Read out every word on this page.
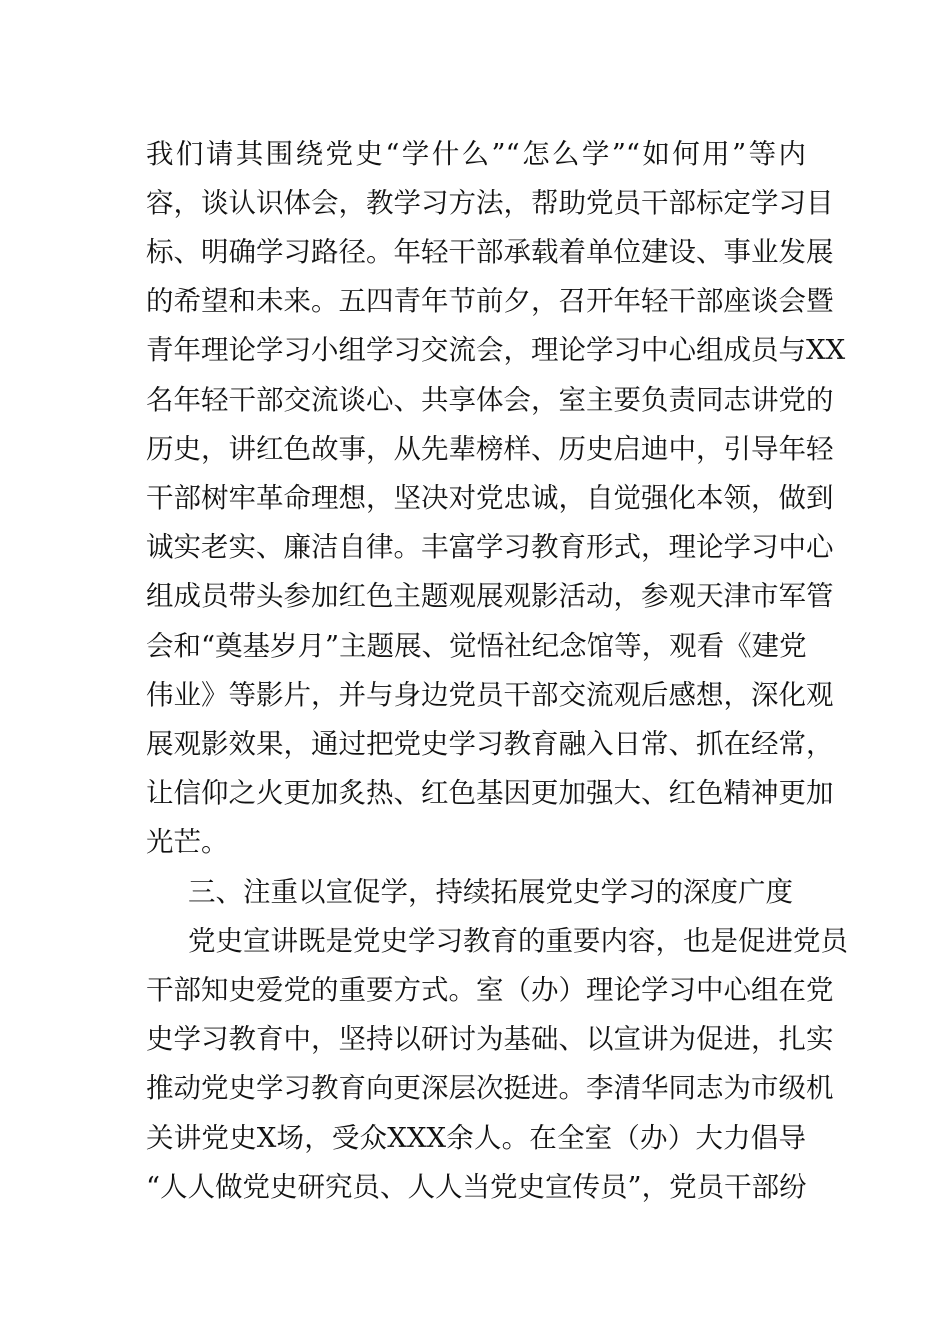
我们请其围绕党史“学什么”“怎么学”“如何用”等内
容，谈认识体会，教学习方法，帮助党员干部标定学习目
标、明确学习路径。年轻干部承载着单位建设、事业发展
的希望和未来。五四青年节前夕，召开年轻干部座谈会暨
青年理论学习小组学习交流会，理论学习中心组成员与XX
名年轻干部交流谈心、共享体会，室主要负责同志讲党的
历史，讲红色故事，从先辈榜样、历史启迪中，引导年轻
干部树牢革命理想，坚决对党忠诚，自觉强化本领，做到
诚实老实、廉洁自律。丰富学习教育形式，理论学习中心
组成员带头参加红色主题观展观影活动，参观天津市军管
会和“奠基岁月”主题展、觉悟社纪念馆等，观看《建党
伟业》等影片，并与身边党员干部交流观后感想，深化观
展观影效果，通过把党史学习教育融入日常、抓在经常，
让信仰之火更加炙热、红色基因更加强大、红色精神更加
光芒。
三、注重以宣促学，持续拓展党史学习的深度广度
党史宣讲既是党史学习教育的重要内容，也是促进党员
干部知史爱党的重要方式。室（办）理论学习中心组在党
史学习教育中，坚持以研讨为基础、以宣讲为促进，扎实
推动党史学习教育向更深层次挺进。李清华同志为市级机
关讲党史X场，受众XXX余人。在全室（办）大力倡导
“人人做党史研究员、人人当党史宣传员”，党员干部纷
